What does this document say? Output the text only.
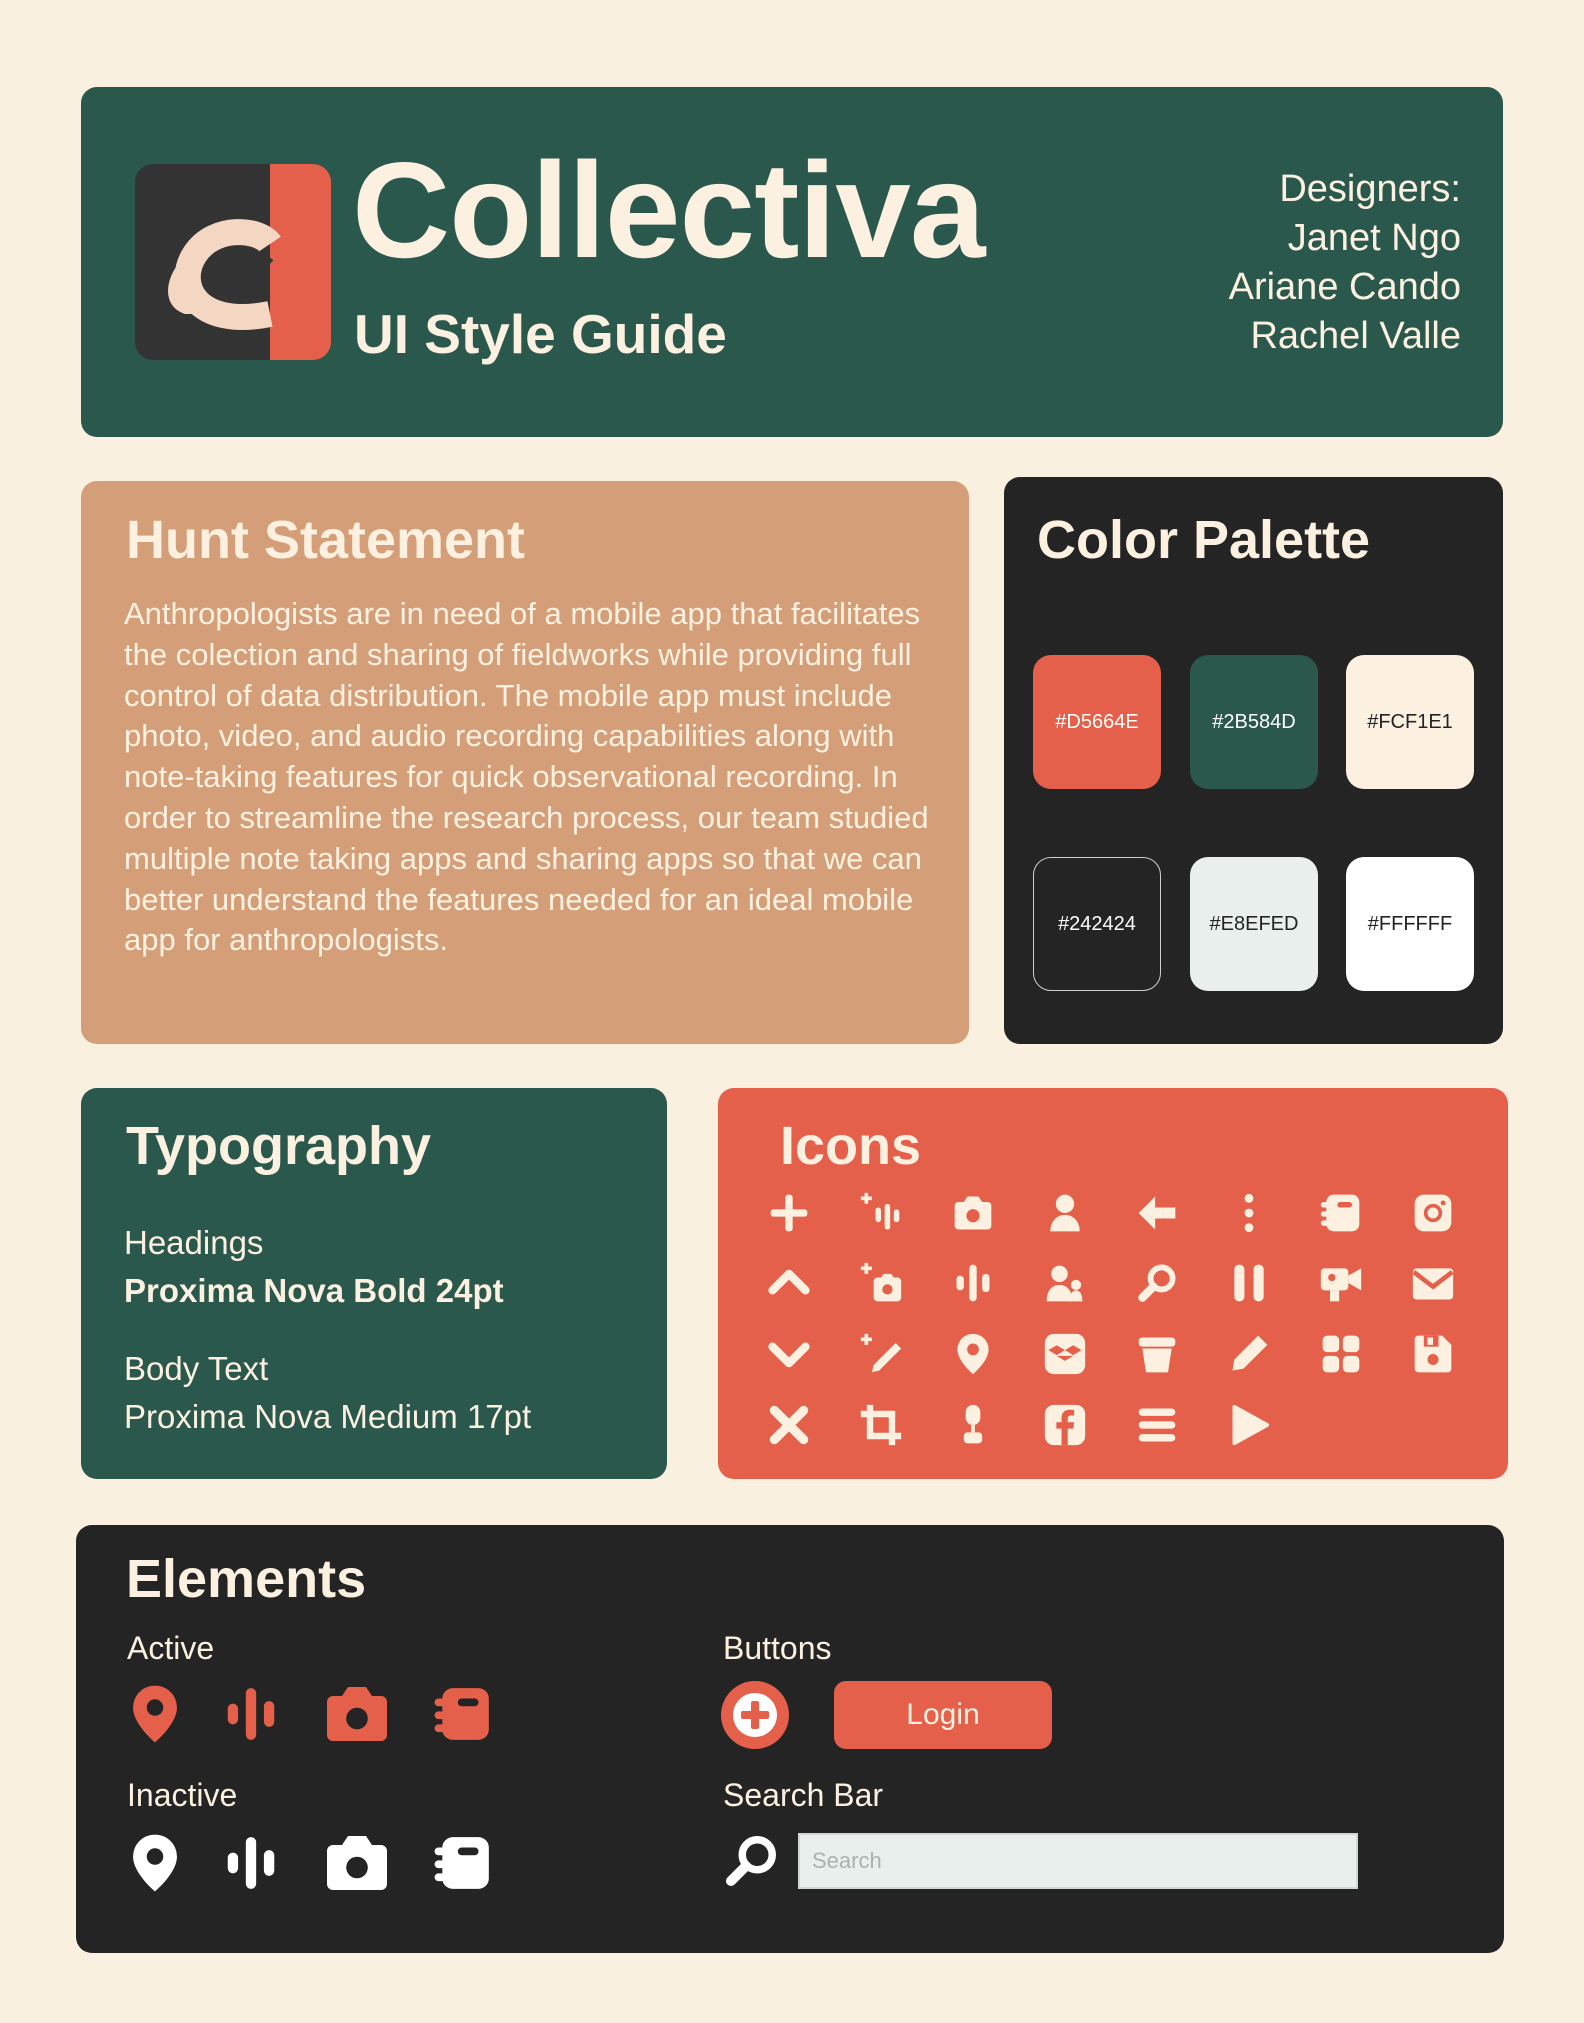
Collectiva
UI Style Guide
Designers:
Janet Ngo
Ariane Cando
Rachel Valle
Hunt Statement
Anthropologists are in need of a mobile app that facilitates the colection and sharing of fieldworks while providing full control of data distribution. The mobile app must include photo, video, and audio recording capabilities along with note-taking features for quick observational recording. In order to streamline the research process, our team studied multiple note taking apps and sharing apps so that we can better understand the features needed for an ideal mobile app for anthropologists.
Color Palette
#D5664E	#2B584D	#FCF1E1
#242424	#E8EFED	#FFFFFF
Typography
Headings
Proxima Nova Bold 24pt
Body Text
Proxima Nova Medium 17pt
Icons
Elements
Active
Inactive
Buttons
Search Bar
Login
Search
